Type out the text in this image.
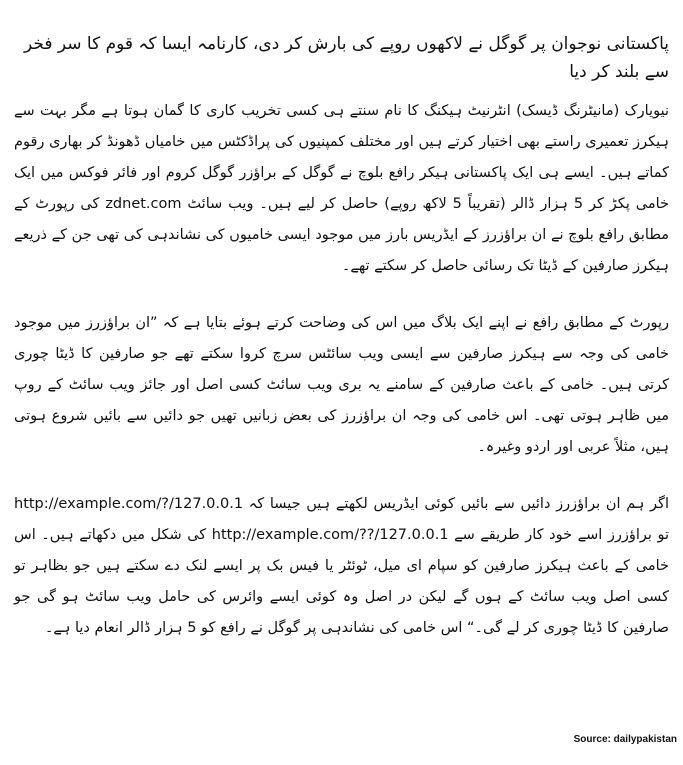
پاکستانی نوجوان پر گوگل نے لاکھوں روپے کی بارش کر دی، کارنامہ ایسا کہ قوم کا سر فخر سے بلند کر دیا

نیویارک (مانیٹرنگ ڈیسک) انٹرنیٹ ہیکنگ کا نام سنتے ہی کسی تخریب کاری کا گمان ہوتا ہے مگر بہت سے ہیکرز تعمیری راستے بھی اختیار کرتے ہیں اور مختلف کمپنیوں کی پراڈکٹس میں خامیاں ڈھونڈ کر بھاری رقوم کماتے ہیں۔ ایسے ہی ایک پاکستانی ہیکر رافع بلوچ نے گوگل کے براﺅزر گوگل کروم اور فائر فوکس میں ایک خامی پکڑ کر 5 ہزار ڈالر (تقریباً 5 لاکھ روپے) حاصل کر لیے ہیں۔ ویب سائٹ zdnet.com کی رپورٹ کے مطابق رافع بلوچ نے ان براﺅزرز کے ایڈریس بارز میں موجود ایسی خامیوں کی نشاندہی کی تھی جن کے ذریعے ہیکرز صارفین کے ڈیٹا تک رسائی حاصل کر سکتے تھے۔

رپورٹ کے مطابق رافع نے اپنے ایک بلاگ میں اس کی وضاحت کرتے ہوئے بتایا ہے کہ ”ان براﺅزرز میں موجود خامی کی وجہ سے ہیکرز صارفین سے ایسی ویب سائٹس سرچ کروا سکتے تھے جو صارفین کا ڈیٹا چوری کرتی ہیں۔ خامی کے باعث صارفین کے سامنے یہ بری ویب سائٹ کسی اصل اور جائز ویب سائٹ کے روپ میں ظاہر ہوتی تھی۔ اس خامی کی وجہ ان براﺅزرز کی بعض زبانیں تھیں جو دائیں سے بائیں شروع ہوتی ہیں، مثلاً عربی اور اردو وغیرہ۔

اگر ہم ان براﺅزرز دائیں سے بائیں کوئی ایڈریس لکھتے ہیں جیسا کہ 127.0.0.1/?/http://example.com تو براﺅزرز اسے خود کار طریقے سے 127.0.0.1/??/http://example.com کی شکل میں دکھاتے ہیں۔ اس خامی کے باعث ہیکرز صارفین کو سپام ای میل، ٹوئٹر یا فیس بک پر ایسے لنک دے سکتے ہیں جو بظاہر تو کسی اصل ویب سائٹ کے ہوں گے لیکن در اصل وہ کوئی ایسے وائرس کی حامل ویب سائٹ ہو گی جو صارفین کا ڈیٹا چوری کر لے گی۔“ اس خامی کی نشاندہی پر گوگل نے رافع کو 5 ہزار ڈالر انعام دیا ہے۔

Source: dailypakistan
